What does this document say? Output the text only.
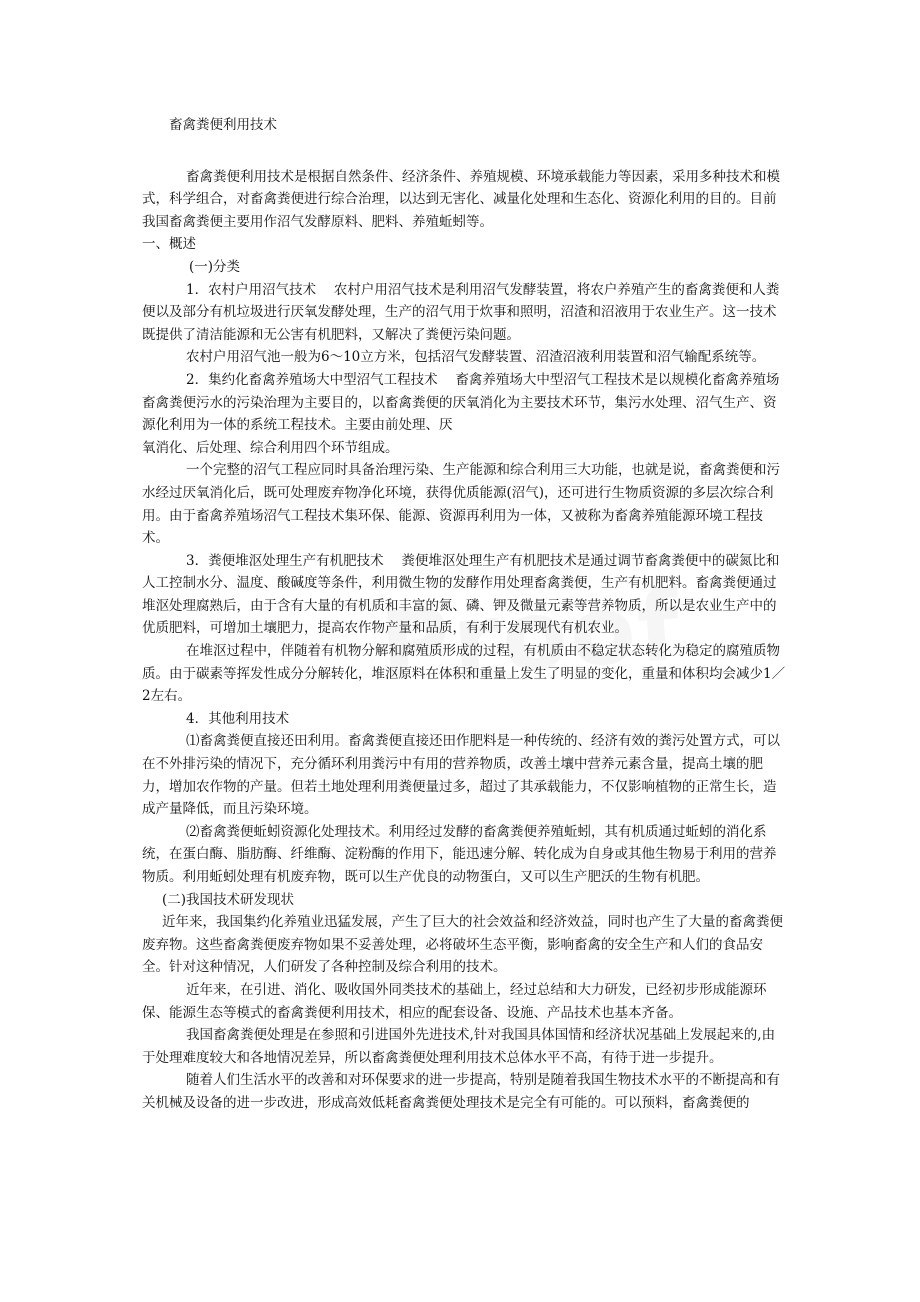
畜禽粪便利用技术

畜禽粪便利用技术是根据自然条件、经济条件、养殖规模、环境承载能力等因素，采用多种技术和模式，科学组合，对畜禽粪便进行综合治理，以达到无害化、减量化处理和生态化、资源化利用的目的。目前我国畜禽粪便主要用作沼气发酵原料、肥料、养殖蚯蚓等。

一、概述

(一)分类

1．农村户用沼气技术　 农村户用沼气技术是利用沼气发酵装置，将农户养殖产生的畜禽粪便和人粪便以及部分有机垃圾进行厌氧发酵处理，生产的沼气用于炊事和照明，沼渣和沼液用于农业生产。这一技术既提供了清洁能源和无公害有机肥料，又解决了粪便污染问题。

农村户用沼气池一般为6～10立方米，包括沼气发酵装置、沼渣沼液利用装置和沼气输配系统等。

2．集约化畜禽养殖场大中型沼气工程技术　 畜禽养殖场大中型沼气工程技术是以规模化畜禽养殖场畜禽粪便污水的污染治理为主要目的，以畜禽粪便的厌氧消化为主要技术环节，集污水处理、沼气生产、资源化利用为一体的系统工程技术。主要由前处理、厌

氧消化、后处理、综合利用四个环节组成。

一个完整的沼气工程应同时具备治理污染、生产能源和综合利用三大功能，也就是说，畜禽粪便和污水经过厌氧消化后，既可处理废弃物净化环境，获得优质能源(沼气)，还可进行生物质资源的多层次综合利用。由于畜禽养殖场沼气工程技术集环保、能源、资源再利用为一体，又被称为畜禽养殖能源环境工程技术。

3．粪便堆沤处理生产有机肥技术　 粪便堆沤处理生产有机肥技术是通过调节畜禽粪便中的碳氮比和人工控制水分、温度、酸碱度等条件，利用微生物的发酵作用处理畜禽粪便，生产有机肥料。畜禽粪便通过堆沤处理腐熟后，由于含有大量的有机质和丰富的氮、磷、钾及微量元素等营养物质，所以是农业生产中的优质肥料，可增加土壤肥力，提高农作物产量和品质，有利于发展现代有机农业。

在堆沤过程中，伴随着有机物分解和腐殖质形成的过程，有机质由不稳定状态转化为稳定的腐殖质物质。由于碳素等挥发性成分分解转化，堆沤原料在体积和重量上发生了明显的变化，重量和体积均会减少1／2左右。

4．其他利用技术

⑴畜禽粪便直接还田利用。畜禽粪便直接还田作肥料是一种传统的、经济有效的粪污处置方式，可以在不外排污染的情况下，充分循环利用粪污中有用的营养物质，改善土壤中营养元素含量，提高土壤的肥力，增加农作物的产量。但若土地处理利用粪便量过多，超过了其承载能力，不仅影响植物的正常生长，造成产量降低，而且污染环境。

⑵畜禽粪便蚯蚓资源化处理技术。利用经过发酵的畜禽粪便养殖蚯蚓，其有机质通过蚯蚓的消化系统，在蛋白酶、脂肪酶、纤维酶、淀粉酶的作用下，能迅速分解、转化成为自身或其他生物易于利用的营养物质。利用蚯蚓处理有机废弃物，既可以生产优良的动物蛋白，又可以生产肥沃的生物有机肥。

(二)我国技术研发现状

近年来，我国集约化养殖业迅猛发展，产生了巨大的社会效益和经济效益，同时也产生了大量的畜禽粪便废弃物。这些畜禽粪便废弃物如果不妥善处理，必将破坏生态平衡，影响畜禽的安全生产和人们的食品安全。针对这种情况，人们研发了各种控制及综合利用的技术。

近年来，在引进、消化、吸收国外同类技术的基础上，经过总结和大力研发，已经初步形成能源环保、能源生态等模式的畜禽粪便利用技术，相应的配套设备、设施、产品技术也基本齐备。

我国畜禽粪便处理是在参照和引进国外先进技术,针对我国具体国情和经济状况基础上发展起来的,由于处理难度较大和各地情况差异，所以畜禽粪便处理利用技术总体水平不高，有待于进一步提升。

随着人们生活水平的改善和对环保要求的进一步提高，特别是随着我国生物技术水平的不断提高和有关机械及设备的进一步改进，形成高效低耗畜禽粪便处理技术是完全有可能的。可以预料，畜禽粪便的
